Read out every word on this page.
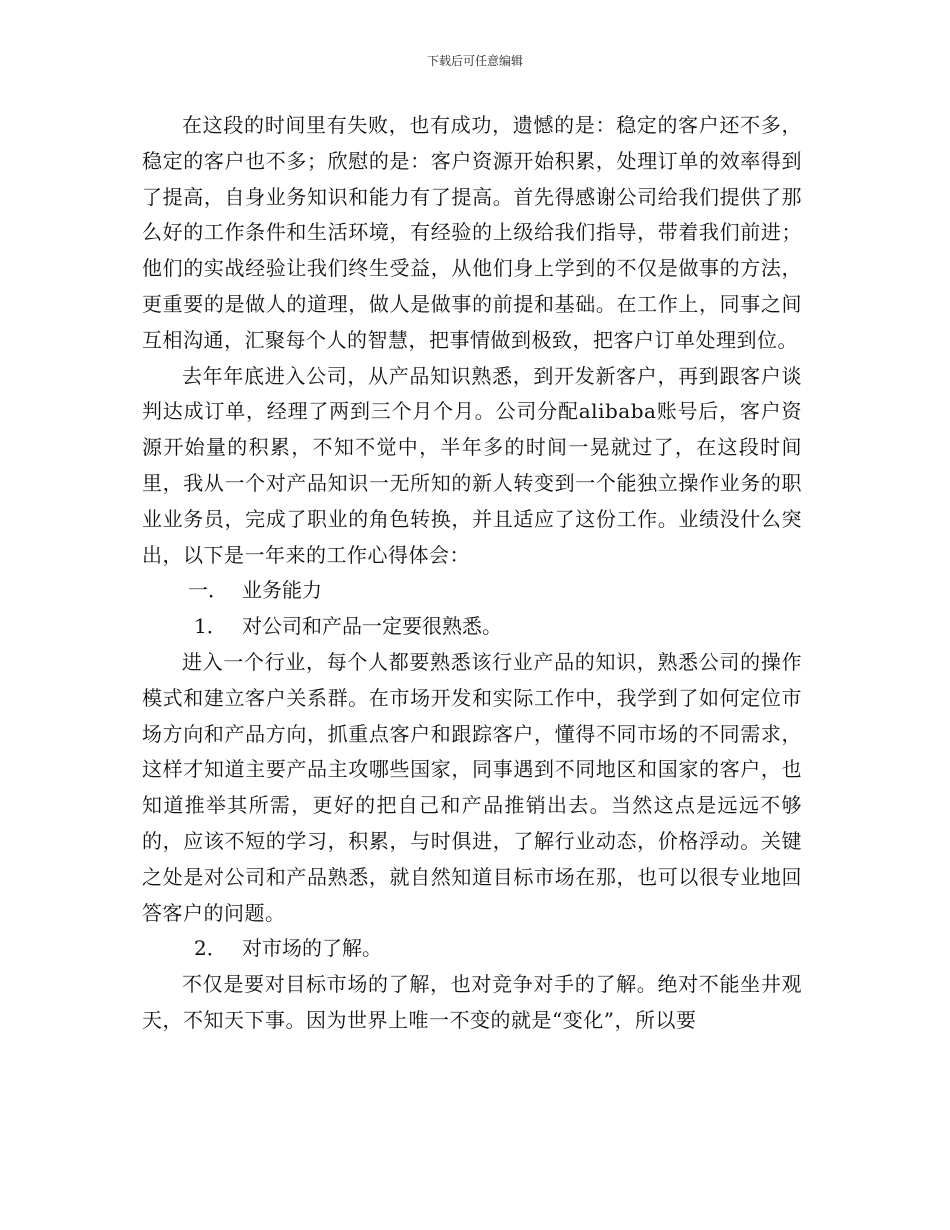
下载后可任意编辑

在这段的时间里有失败，也有成功，遗憾的是：稳定的客户还不多，稳定的客户也不多；欣慰的是：客户资源开始积累，处理订单的效率得到了提高，自身业务知识和能力有了提高。首先得感谢公司给我们提供了那么好的工作条件和生活环境，有经验的上级给我们指导，带着我们前进；他们的实战经验让我们终生受益，从他们身上学到的不仅是做事的方法，更重要的是做人的道理，做人是做事的前提和基础。在工作上，同事之间互相沟通，汇聚每个人的智慧，把事情做到极致，把客户订单处理到位。

去年年底进入公司，从产品知识熟悉，到开发新客户，再到跟客户谈判达成订单，经理了两到三个月个月。公司分配alibaba账号后，客户资源开始量的积累，不知不觉中，半年多的时间一晃就过了，在这段时间里，我从一个对产品知识一无所知的新人转变到一个能独立操作业务的职业业务员，完成了职业的角色转换，并且适应了这份工作。业绩没什么突出，以下是一年来的工作心得体会：

一． 业务能力

1． 对公司和产品一定要很熟悉。

进入一个行业，每个人都要熟悉该行业产品的知识，熟悉公司的操作模式和建立客户关系群。在市场开发和实际工作中，我学到了如何定位市场方向和产品方向，抓重点客户和跟踪客户，懂得不同市场的不同需求，这样才知道主要产品主攻哪些国家，同事遇到不同地区和国家的客户，也知道推举其所需，更好的把自己和产品推销出去。当然这点是远远不够的，应该不短的学习，积累，与时俱进，了解行业动态，价格浮动。关键之处是对公司和产品熟悉，就自然知道目标市场在那，也可以很专业地回答客户的问题。

2． 对市场的了解。

不仅是要对目标市场的了解，也对竞争对手的了解。绝对不能坐井观天，不知天下事。因为世界上唯一不变的就是“变化”，所以要
